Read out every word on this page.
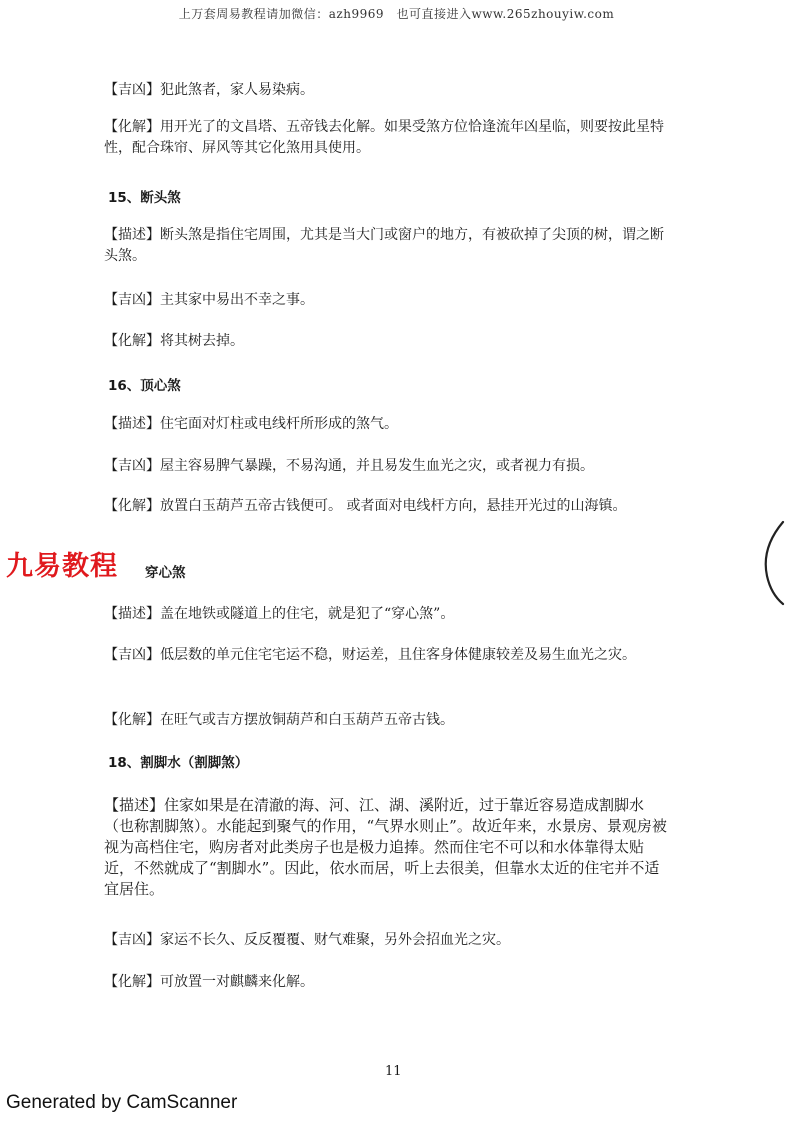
上万套周易教程请加微信：azh9969　也可直接进入www.265zhouyiw.com
【吉凶】犯此煞者，家人易染病。
【化解】用开光了的文昌塔、五帝钱去化解。如果受煞方位恰逢流年凶星临，则要按此星特性，配合珠帘、屏风等其它化煞用具使用。
15、断头煞
【描述】断头煞是指住宅周围，尤其是当大门或窗户的地方，有被砍掉了尖顶的树，谓之断头煞。
【吉凶】主其家中易出不幸之事。
【化解】将其树去掉。
16、顶心煞
【描述】住宅面对灯柱或电线杆所形成的煞气。
【吉凶】屋主容易脾气暴躁，不易沟通，并且易发生血光之灾，或者视力有损。
【化解】放置白玉葫芦五帝古钱便可。 或者面对电线杆方向，悬挂开光过的山海镇。
九易教程 穿心煞
【描述】盖在地铁或隧道上的住宅，就是犯了“穿心煞”。
【吉凶】低层数的单元住宅宅运不稳，财运差，且住客身体健康较差及易生血光之灾。
【化解】在旺气或吉方摆放铜葫芦和白玉葫芦五帝古钱。
18、割脚水（割脚煞）
【描述】住家如果是在清澈的海、河、江、湖、溪附近，过于靠近容易造成割脚水（也称割脚煞）。水能起到聚气的作用，“气界水则止”。故近年来，水景房、景观房被视为高档住宅，购房者对此类房子也是极力追捧。然而住宅不可以和水体靠得太贴近，不然就成了“割脚水”。因此，依水而居，听上去很美，但靠水太近的住宅并不适宜居住。
【吉凶】家运不长久、反反覆覆、财气难聚，另外会招血光之灾。
【化解】可放置一对麒麟来化解。
11
Generated by CamScanner
